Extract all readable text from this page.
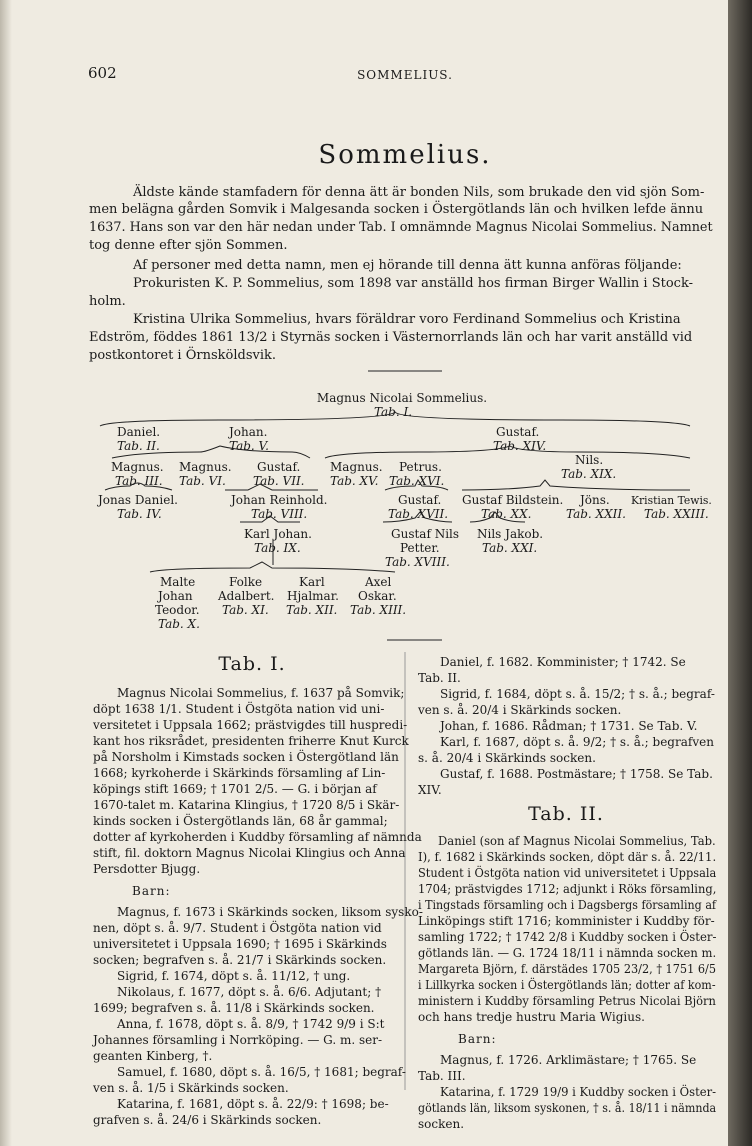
602	SOMMELIUS.
Sommelius.
Äldste kände stamfadern för denna ätt är bonden Nils, som brukade den vid sjön Som-
men belägna gården Somvik i Malgesanda socken i Östergötlands län och hvilken lefde ännu
1637. Hans son var den här nedan under Tab. I omnämnde Magnus Nicolai Sommelius. Namnet
tog denne efter sjön Sommen.
Af personer med detta namn, men ej hörande till denna ätt kunna anföras följande:
Prokuristen K. P. Sommelius, som 1898 var anställd hos firman Birger Wallin i Stock-
holm.
Kristina Ulrika Sommelius, hvars föräldrar voro Ferdinand Sommelius och Kristina
Edström, föddes 1861 13/2 i Styrnäs socken i Västernorrlands län och har varit anställd vid
postkontoret i Örnsköldsvik.
Magnus Nicolai Sommelius.
Tab. I.
Daniel.
Tab. II.
Johan.
Tab. V.
Gustaf.
Tab. XIV.
Magnus.
Tab. III.
Magnus.
Tab. VI.
Gustaf.
Tab. VII.
Magnus.
Tab. XV.
Petrus.
Tab. XVI.
Nils.
Tab. XIX.
Jonas Daniel.
Tab. IV.
Johan Reinhold.
Tab. VIII.
Gustaf.
Tab. XVII.
Gustaf Bildstein.
Tab. XX.
Jöns.
Tab. XXII.
Kristian Tewis.
Tab. XXIII.
Karl Johan.
Tab. IX.
Gustaf Nils
Petter.
Tab. XVIII.
Nils Jakob.
Tab. XXI.
Malte
Johan
Teodor.
Tab. X.
Folke
Adalbert.
Tab. XI.
Karl
Hjalmar.
Tab. XII.
Axel
Oskar.
Tab. XIII.
Tab. I.
Magnus Nicolai Sommelius, f. 1637 på Somvik;
döpt 1638 1/1. Student i Östgöta nation vid uni-
versitetet i Uppsala 1662; prästvigdes till huspredi-
kant hos riksrådet, presidenten friherre Knut Kurck
på Norsholm i Kimstads socken i Östergötland län
1668; kyrkoherde i Skärkinds församling af Lin-
köpings stift 1669; † 1701 2/5. — G. i början af
1670-talet m. Katarina Klingius, † 1720 8/5 i Skär-
kinds socken i Östergötlands län, 68 år gammal;
dotter af kyrkoherden i Kuddby församling af nämnda
stift, fil. doktorn Magnus Nicolai Klingius och Anna
Persdotter Bjugg.
Barn:
Magnus, f. 1673 i Skärkinds socken, liksom sysko-
nen, döpt s. å. 9/7. Student i Östgöta nation vid
universitetet i Uppsala 1690; † 1695 i Skärkinds
socken; begrafven s. å. 21/7 i Skärkinds socken.
Sigrid, f. 1674, döpt s. å. 11/12, † ung.
Nikolaus, f. 1677, döpt s. å. 6/6. Adjutant; †
1699; begrafven s. å. 11/8 i Skärkinds socken.
Anna, f. 1678, döpt s. å. 8/9, † 1742 9/9 i S:t
Johannes församling i Norrköping. — G. m. ser-
geanten Kinberg, †.
Samuel, f. 1680, döpt s. å. 16/5, † 1681; begraf-
ven s. å. 1/5 i Skärkinds socken.
Katarina, f. 1681, döpt s. å. 22/9: † 1698; be-
grafven s. å. 24/6 i Skärkinds socken.
Daniel, f. 1682. Komminister; † 1742. Se
Tab. II.
Sigrid, f. 1684, döpt s. å. 15/2; † s. å.; begraf-
ven s. å. 20/4 i Skärkinds socken.
Johan, f. 1686. Rådman; † 1731. Se Tab. V.
Karl, f. 1687, döpt s. å. 9/2; † s. å.; begrafven
s. å. 20/4 i Skärkinds socken.
Gustaf, f. 1688. Postmästare; † 1758. Se Tab.
XIV.
Tab. II.
Daniel (son af Magnus Nicolai Sommelius, Tab.
I), f. 1682 i Skärkinds socken, döpt där s. å. 22/11.
Student i Östgöta nation vid universitetet i Uppsala
1704; prästvigdes 1712; adjunkt i Röks församling,
i Tingstads församling och i Dagsbergs församling af
Linköpings stift 1716; komminister i Kuddby för-
samling 1722; † 1742 2/8 i Kuddby socken i Öster-
götlands län. — G. 1724 18/11 i nämnda socken m.
Margareta Björn, f. därstädes 1705 23/2, † 1751 6/5
i Lillkyrka socken i Östergötlands län; dotter af kom-
ministern i Kuddby församling Petrus Nicolai Björn
och hans tredje hustru Maria Wigius.
Barn:
Magnus, f. 1726. Arklimästare; † 1765. Se
Tab. III.
Katarina, f. 1729 19/9 i Kuddby socken i Öster-
götlands län, liksom syskonen, † s. å. 18/11 i nämnda
socken.
